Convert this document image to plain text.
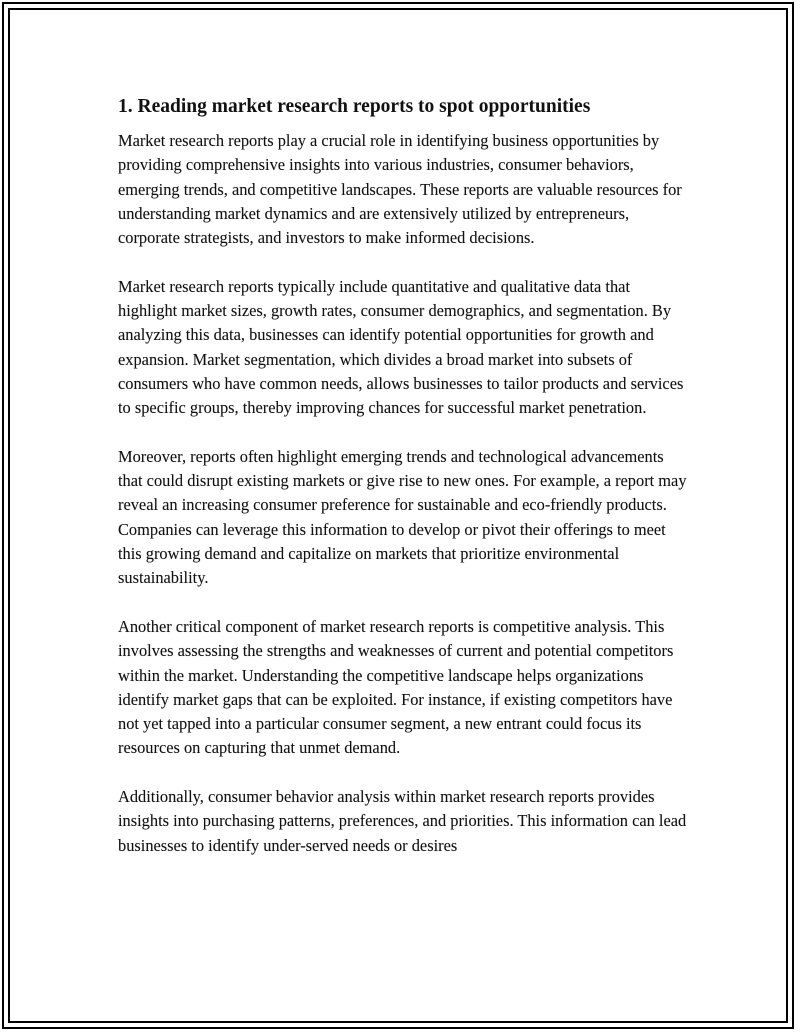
1. Reading market research reports to spot opportunities

Market research reports play a crucial role in identifying business opportunities by providing comprehensive insights into various industries, consumer behaviors, emerging trends, and competitive landscapes. These reports are valuable resources for understanding market dynamics and are extensively utilized by entrepreneurs, corporate strategists, and investors to make informed decisions.

Market research reports typically include quantitative and qualitative data that highlight market sizes, growth rates, consumer demographics, and segmentation. By analyzing this data, businesses can identify potential opportunities for growth and expansion. Market segmentation, which divides a broad market into subsets of consumers who have common needs, allows businesses to tailor products and services to specific groups, thereby improving chances for successful market penetration.

Moreover, reports often highlight emerging trends and technological advancements that could disrupt existing markets or give rise to new ones. For example, a report may reveal an increasing consumer preference for sustainable and eco-friendly products. Companies can leverage this information to develop or pivot their offerings to meet this growing demand and capitalize on markets that prioritize environmental sustainability.

Another critical component of market research reports is competitive analysis. This involves assessing the strengths and weaknesses of current and potential competitors within the market. Understanding the competitive landscape helps organizations identify market gaps that can be exploited. For instance, if existing competitors have not yet tapped into a particular consumer segment, a new entrant could focus its resources on capturing that unmet demand.

Additionally, consumer behavior analysis within market research reports provides insights into purchasing patterns, preferences, and priorities. This information can lead businesses to identify under-served needs or desires
